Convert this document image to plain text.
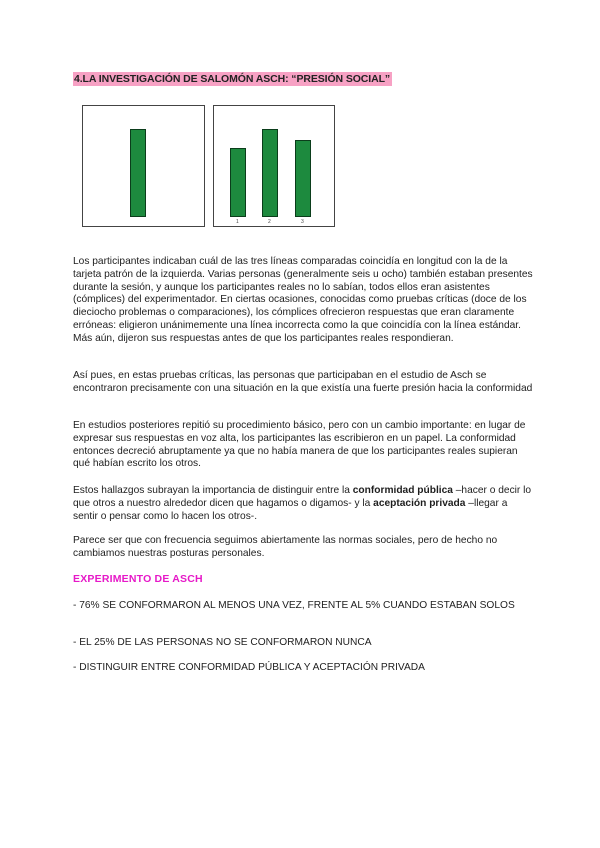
4.LA INVESTIGACIÓN DE SALOMÓN ASCH: “PRESIÓN SOCIAL”
1	2	3

Los participantes indicaban cuál de las tres líneas comparadas coincidía en longitud con la de la tarjeta patrón de la izquierda. Varias personas (generalmente seis u ocho) también estaban presentes durante la sesión, y aunque los participantes reales no lo sabían, todos ellos eran asistentes (cómplices) del experimentador. En ciertas ocasiones, conocidas como pruebas críticas (doce de los dieciocho problemas o comparaciones), los cómplices ofrecieron respuestas que eran claramente erróneas: eligieron unánimemente una línea incorrecta como la que coincidía con la línea estándar. Más aún, dijeron sus respuestas antes de que los participantes reales respondieran.

Así pues, en estas pruebas críticas, las personas que participaban en el estudio de Asch se encontraron precisamente con una situación en la que existía una fuerte presión hacia la conformidad

En estudios posteriores repitió su procedimiento básico, pero con un cambio importante: en lugar de expresar sus respuestas en voz alta, los participantes las escribieron en un papel. La conformidad entonces decreció abruptamente ya que no había manera de que los participantes reales supieran qué habían escrito los otros.

Estos hallazgos subrayan la importancia de distinguir entre la conformidad pública –hacer o decir lo que otros a nuestro alrededor dicen que hagamos o digamos- y la aceptación privada –llegar a sentir o pensar como lo hacen los otros-.

Parece ser que con frecuencia seguimos abiertamente las normas sociales, pero de hecho no cambiamos nuestras posturas personales.

EXPERIMENTO DE ASCH

- 76% SE CONFORMARON AL MENOS UNA VEZ, FRENTE AL 5% CUANDO ESTABAN SOLOS

- EL 25% DE LAS PERSONAS NO SE CONFORMARON NUNCA

- DISTINGUIR ENTRE CONFORMIDAD PÚBLICA Y ACEPTACIÓN PRIVADA
